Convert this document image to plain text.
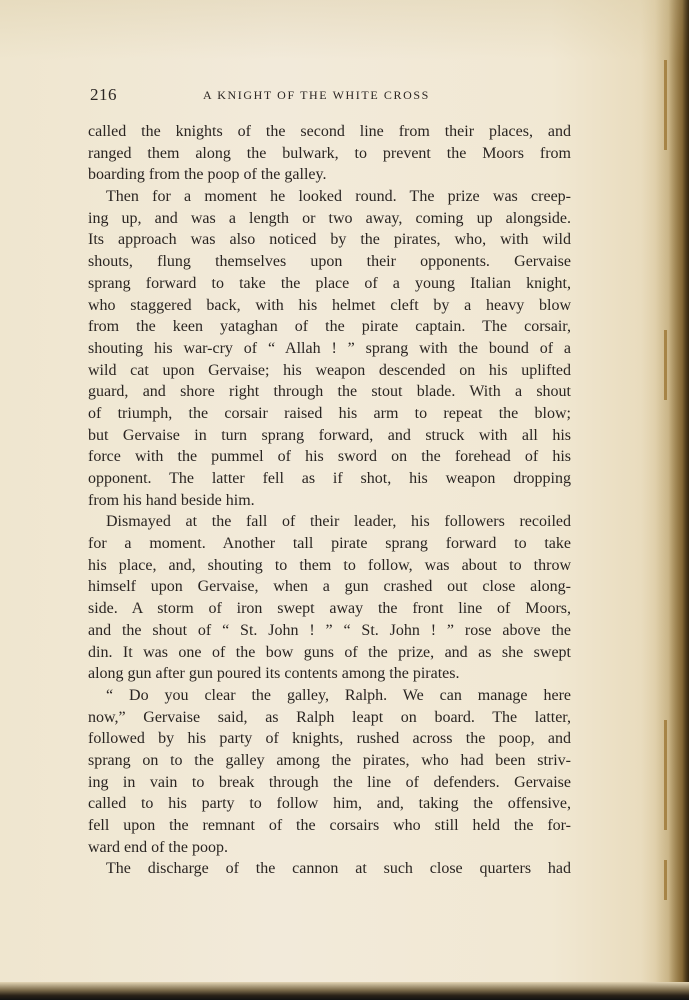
216	A KNIGHT OF THE WHITE CROSS
called the knights of the second line from their places, and
ranged them along the bulwark, to prevent the Moors from
boarding from the poop of the galley.
Then for a moment he looked round. The prize was creep-
ing up, and was a length or two away, coming up alongside.
Its approach was also noticed by the pirates, who, with wild
shouts, flung themselves upon their opponents. Gervaise
sprang forward to take the place of a young Italian knight,
who staggered back, with his helmet cleft by a heavy blow
from the keen yataghan of the pirate captain. The corsair,
shouting his war-cry of “ Allah ! ” sprang with the bound of a
wild cat upon Gervaise; his weapon descended on his uplifted
guard, and shore right through the stout blade. With a shout
of triumph, the corsair raised his arm to repeat the blow;
but Gervaise in turn sprang forward, and struck with all his
force with the pummel of his sword on the forehead of his
opponent. The latter fell as if shot, his weapon dropping
from his hand beside him.
Dismayed at the fall of their leader, his followers recoiled
for a moment. Another tall pirate sprang forward to take
his place, and, shouting to them to follow, was about to throw
himself upon Gervaise, when a gun crashed out close along-
side. A storm of iron swept away the front line of Moors,
and the shout of “ St. John ! ” “ St. John ! ” rose above the
din. It was one of the bow guns of the prize, and as she swept
along gun after gun poured its contents among the pirates.
“ Do you clear the galley, Ralph. We can manage here
now,” Gervaise said, as Ralph leapt on board. The latter,
followed by his party of knights, rushed across the poop, and
sprang on to the galley among the pirates, who had been striv-
ing in vain to break through the line of defenders. Gervaise
called to his party to follow him, and, taking the offensive,
fell upon the remnant of the corsairs who still held the for-
ward end of the poop.
The discharge of the cannon at such close quarters had
